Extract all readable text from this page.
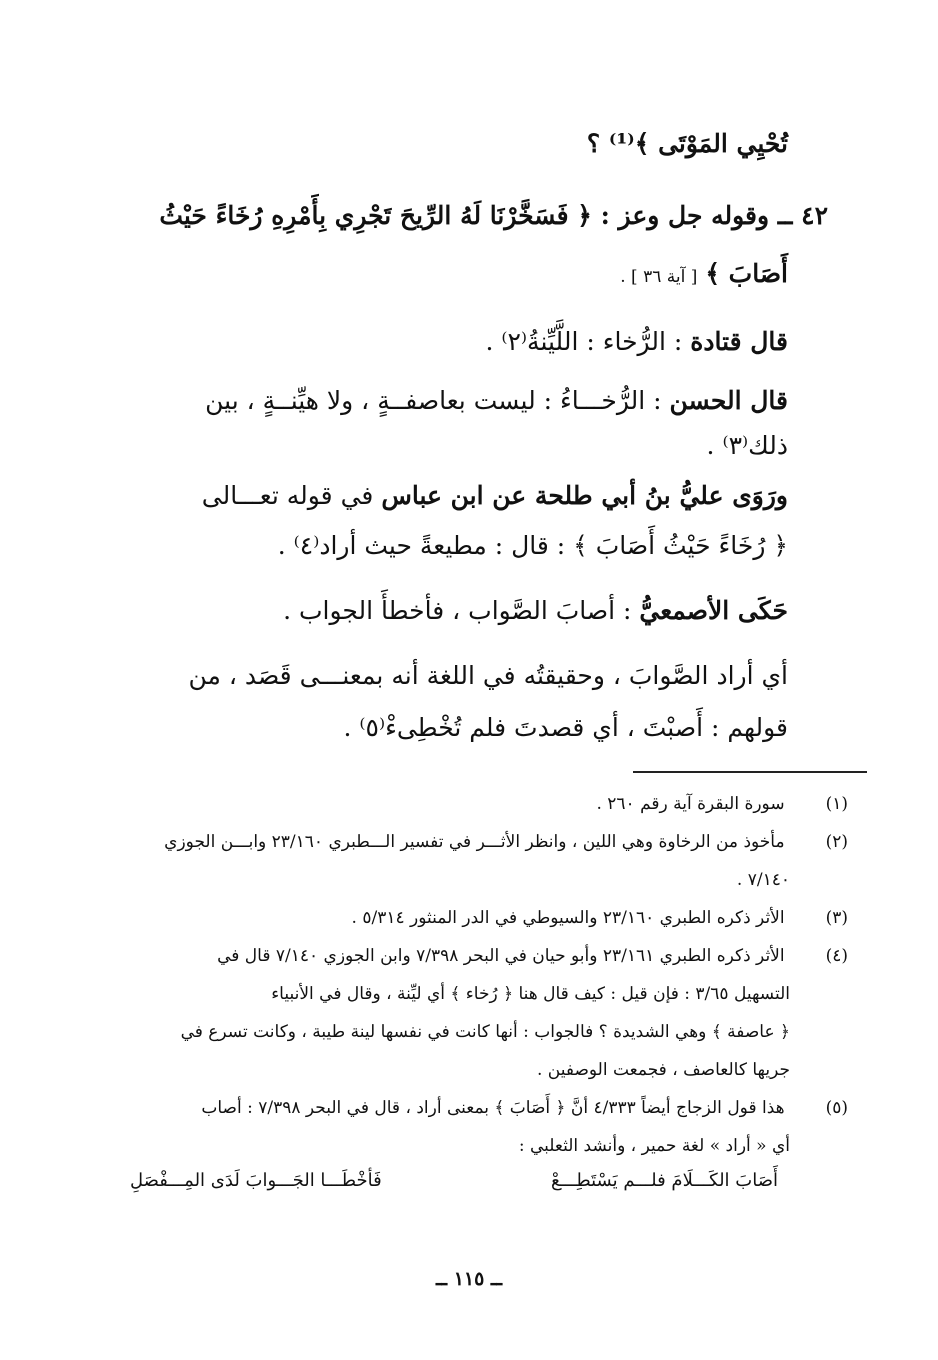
تُحْيِي المَوْتَى ﴾⁽¹⁾ ؟
٤٢ ــ وقوله جل وعز : ﴿ فَسَخَّرْنَا لَهُ الرِّيحَ تَجْرِي بِأَمْرِهِ رُخَاءً حَيْثُ
أَصَابَ ﴾ [ آية ٣٦ ] .
قال قتادة : الرُّخاء : اللَّيِّنةُ⁽٢⁾ .
قال الحسن : الرُّخـــاءُ : ليست بعاصفــةٍ ، ولا هيِّنــةٍ ، بين
ذلك⁽٣⁾ .
ورَوَى عليُّ بنُ أبي طلحة عن ابن عباس في قوله تعـــالى
﴿ رُخَاءً حَيْثُ أَصَابَ ﴾ : قال : مطيعةً حيث أراد⁽٤⁾ .
حَكَى الأصمعيُّ : أصابَ الصَّواب ، فأخطأَ الجواب .
أي أراد الصَّوابَ ، وحقيقتُه في اللغة أنه بمعنـــى قَصَد ، من
قولهم : أَصبْتَ ، أي قصدتَ فلم تُخْطِىءْ⁽٥⁾ .
(١) سورة البقرة آية رقم ٢٦٠ .
(٢) مأخوذ من الرخاوة وهي اللين ، وانظر الأثـــر في تفسير الـــطبري ٢٣/١٦٠ وابـــن الجوزي
٧/١٤٠ .
(٣) الأثر ذكره الطبري ٢٣/١٦٠ والسيوطي في الدر المنثور ٥/٣١٤ .
(٤) الأثر ذكره الطبري ٢٣/١٦١ وأبو حيان في البحر ٧/٣٩٨ وابن الجوزي ٧/١٤٠ قال في
التسهيل ٣/٦٥ : فإن قيل : كيف قال هنا ﴿ رُخاء ﴾ أي ليِّنة ، وقال في الأنبياء
﴿ عاصفة ﴾ وهي الشديدة ؟ فالجواب : أنها كانت في نفسها لينة طيبة ، وكانت تسرع في
جريها كالعاصف ، فجمعت الوصفين .
(٥) هذا قول الزجاج أيضاً ٤/٣٣٣ أنَّ ﴿ أَصَابَ ﴾ بمعنى أراد ، قال في البحر ٧/٣٩٨ : أصاب
أي « أراد » لغة حمير ، وأنشد الثعلبي :
أَصَابَ الكَـــلَامَ فلـــم يَسْتَطِـــعْ
فَأخْطَـــا الجَـــوابَ لَدَى المِـــفْصَلِ
ــ ١١٥ ــ
